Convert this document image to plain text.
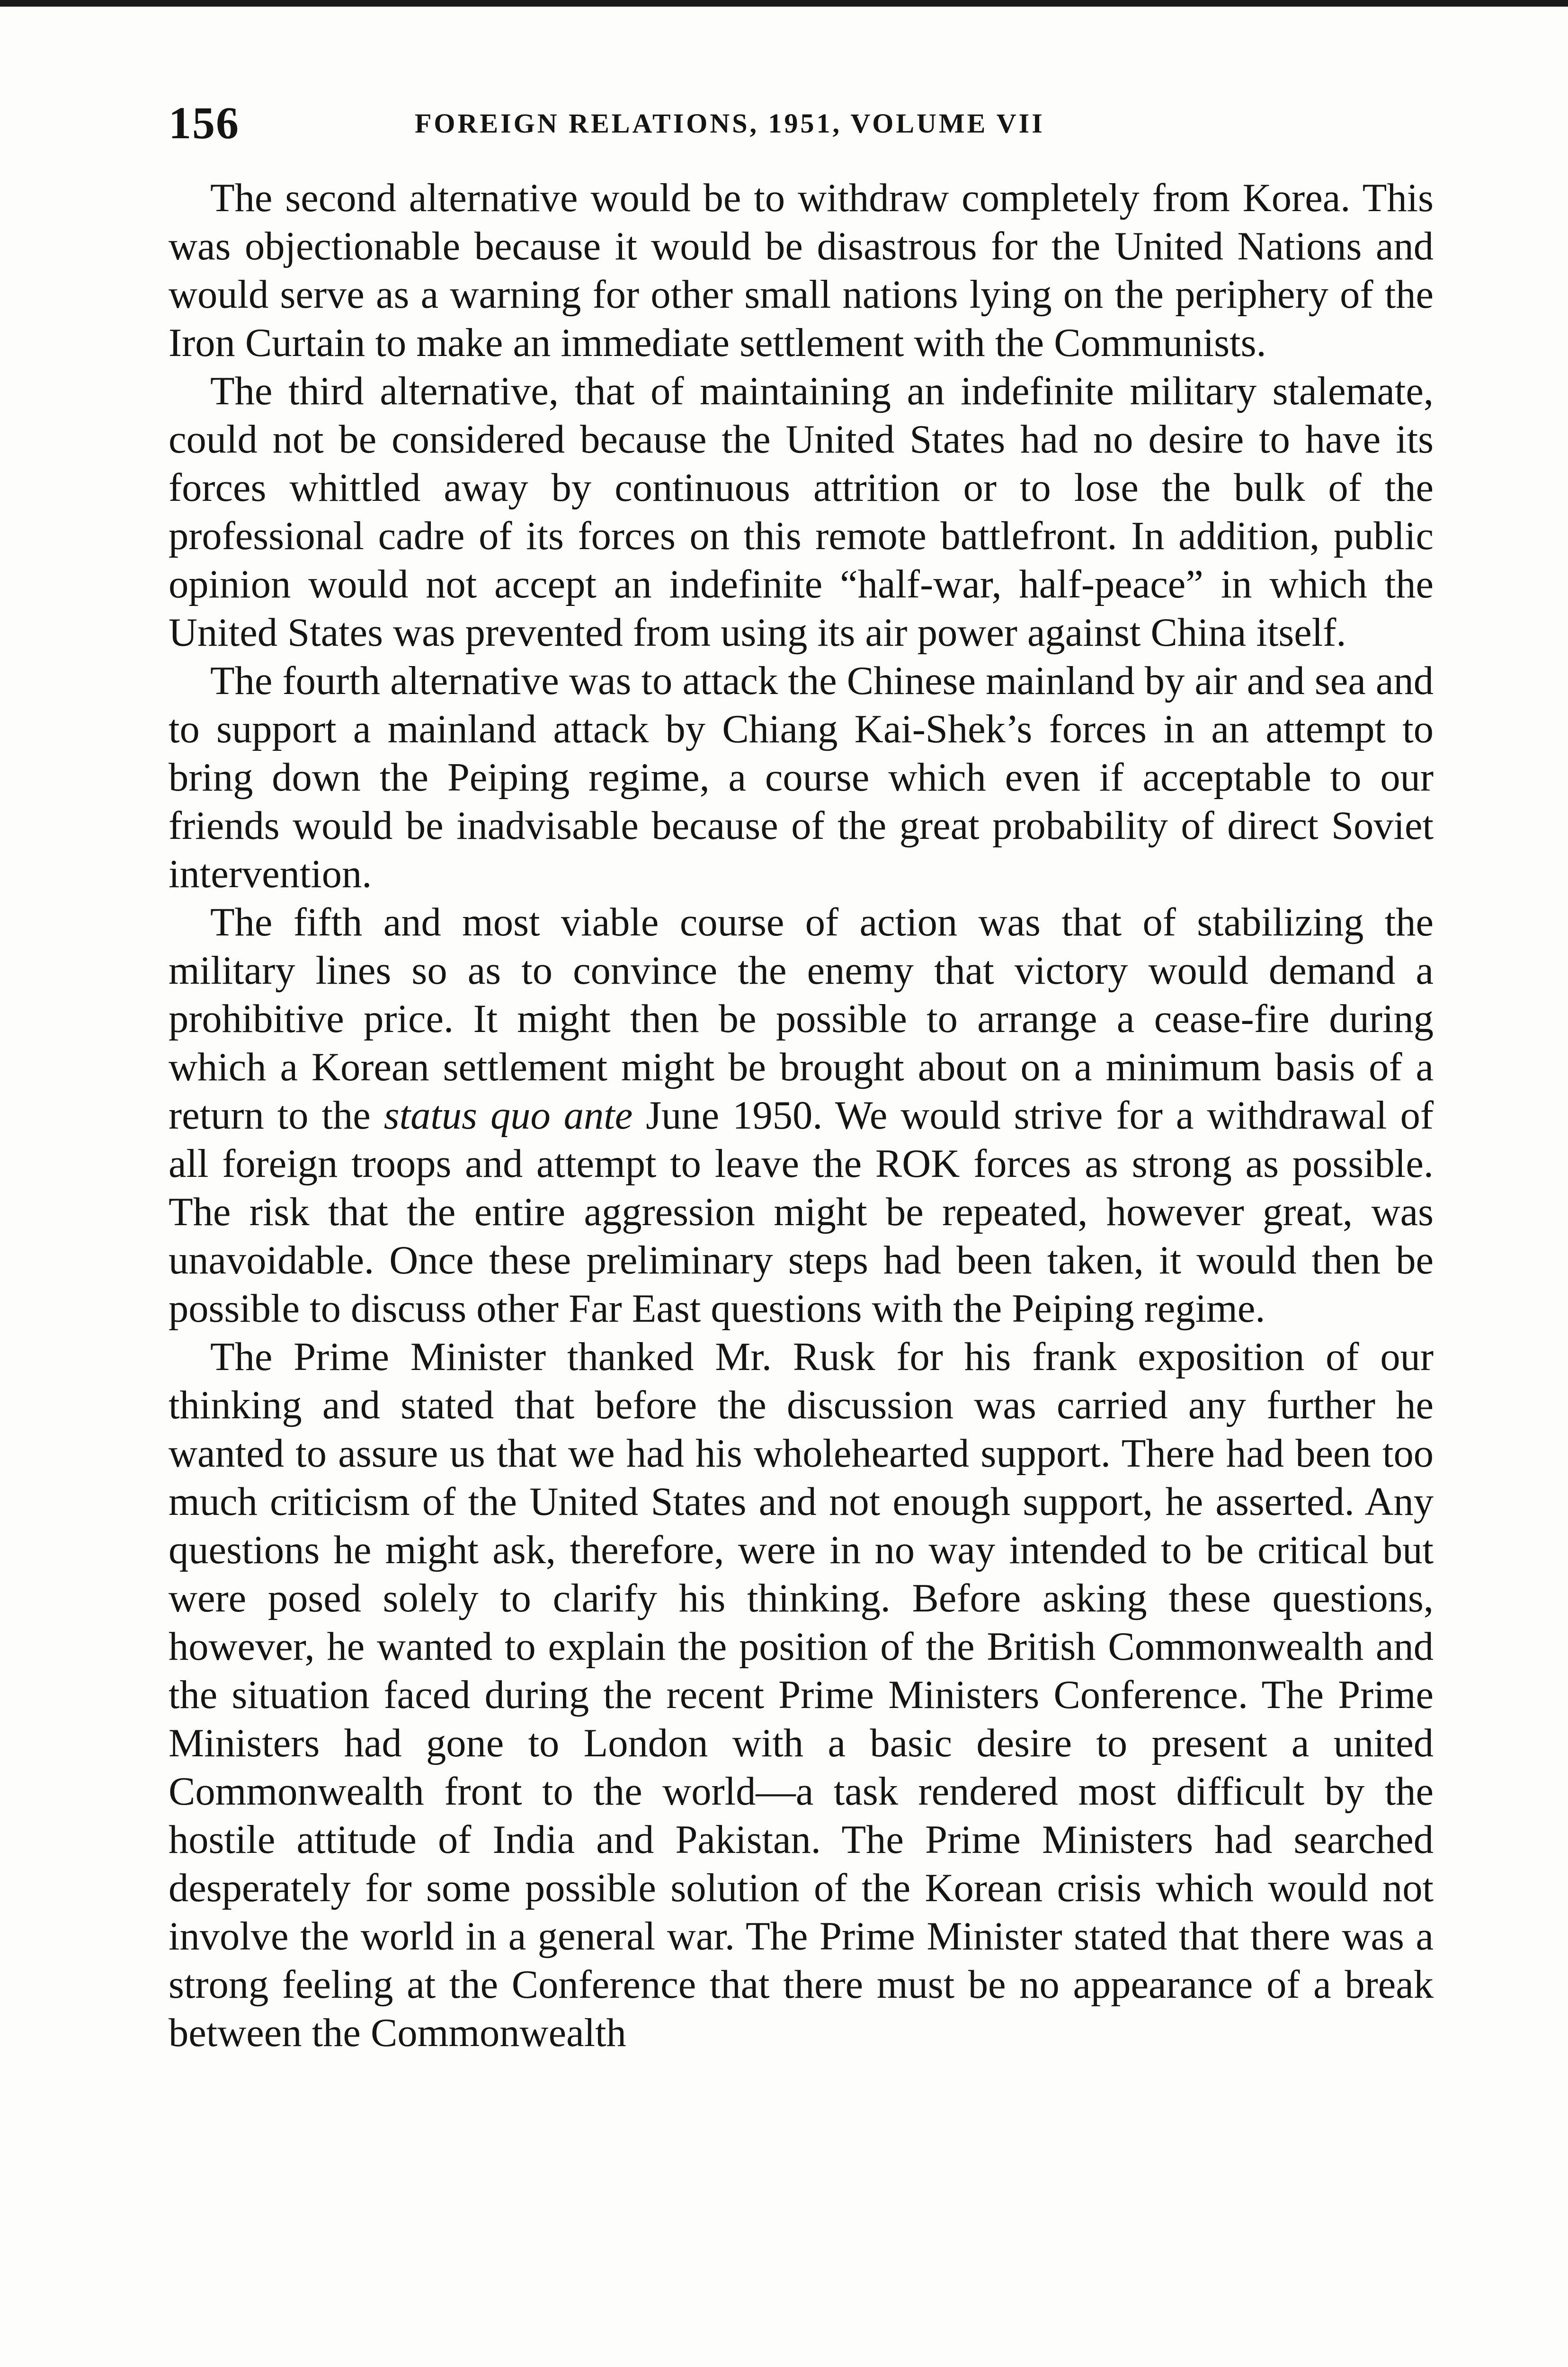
156	FOREIGN RELATIONS, 1951, VOLUME VII

The second alternative would be to withdraw completely from Korea. This was objectionable because it would be disastrous for the United Nations and would serve as a warning for other small nations lying on the periphery of the Iron Curtain to make an immediate settlement with the Communists.

The third alternative, that of maintaining an indefinite military stalemate, could not be considered because the United States had no desire to have its forces whittled away by continuous attrition or to lose the bulk of the professional cadre of its forces on this remote battlefront. In addition, public opinion would not accept an indefinite “half-war, half-peace” in which the United States was prevented from using its air power against China itself.

The fourth alternative was to attack the Chinese mainland by air and sea and to support a mainland attack by Chiang Kai-Shek’s forces in an attempt to bring down the Peiping regime, a course which even if acceptable to our friends would be inadvisable because of the great probability of direct Soviet intervention.

The fifth and most viable course of action was that of stabilizing the military lines so as to convince the enemy that victory would demand a prohibitive price. It might then be possible to arrange a cease-fire during which a Korean settlement might be brought about on a minimum basis of a return to the status quo ante June 1950. We would strive for a withdrawal of all foreign troops and attempt to leave the ROK forces as strong as possible. The risk that the entire aggression might be repeated, however great, was unavoidable. Once these preliminary steps had been taken, it would then be possible to discuss other Far East questions with the Peiping regime.

The Prime Minister thanked Mr. Rusk for his frank exposition of our thinking and stated that before the discussion was carried any further he wanted to assure us that we had his wholehearted support. There had been too much criticism of the United States and not enough support, he asserted. Any questions he might ask, therefore, were in no way intended to be critical but were posed solely to clarify his thinking. Before asking these questions, however, he wanted to explain the position of the British Commonwealth and the situation faced during the recent Prime Ministers Conference. The Prime Ministers had gone to London with a basic desire to present a united Commonwealth front to the world—a task rendered most difficult by the hostile attitude of India and Pakistan. The Prime Ministers had searched desperately for some possible solution of the Korean crisis which would not involve the world in a general war. The Prime Minister stated that there was a strong feeling at the Conference that there must be no appearance of a break between the Commonwealth
